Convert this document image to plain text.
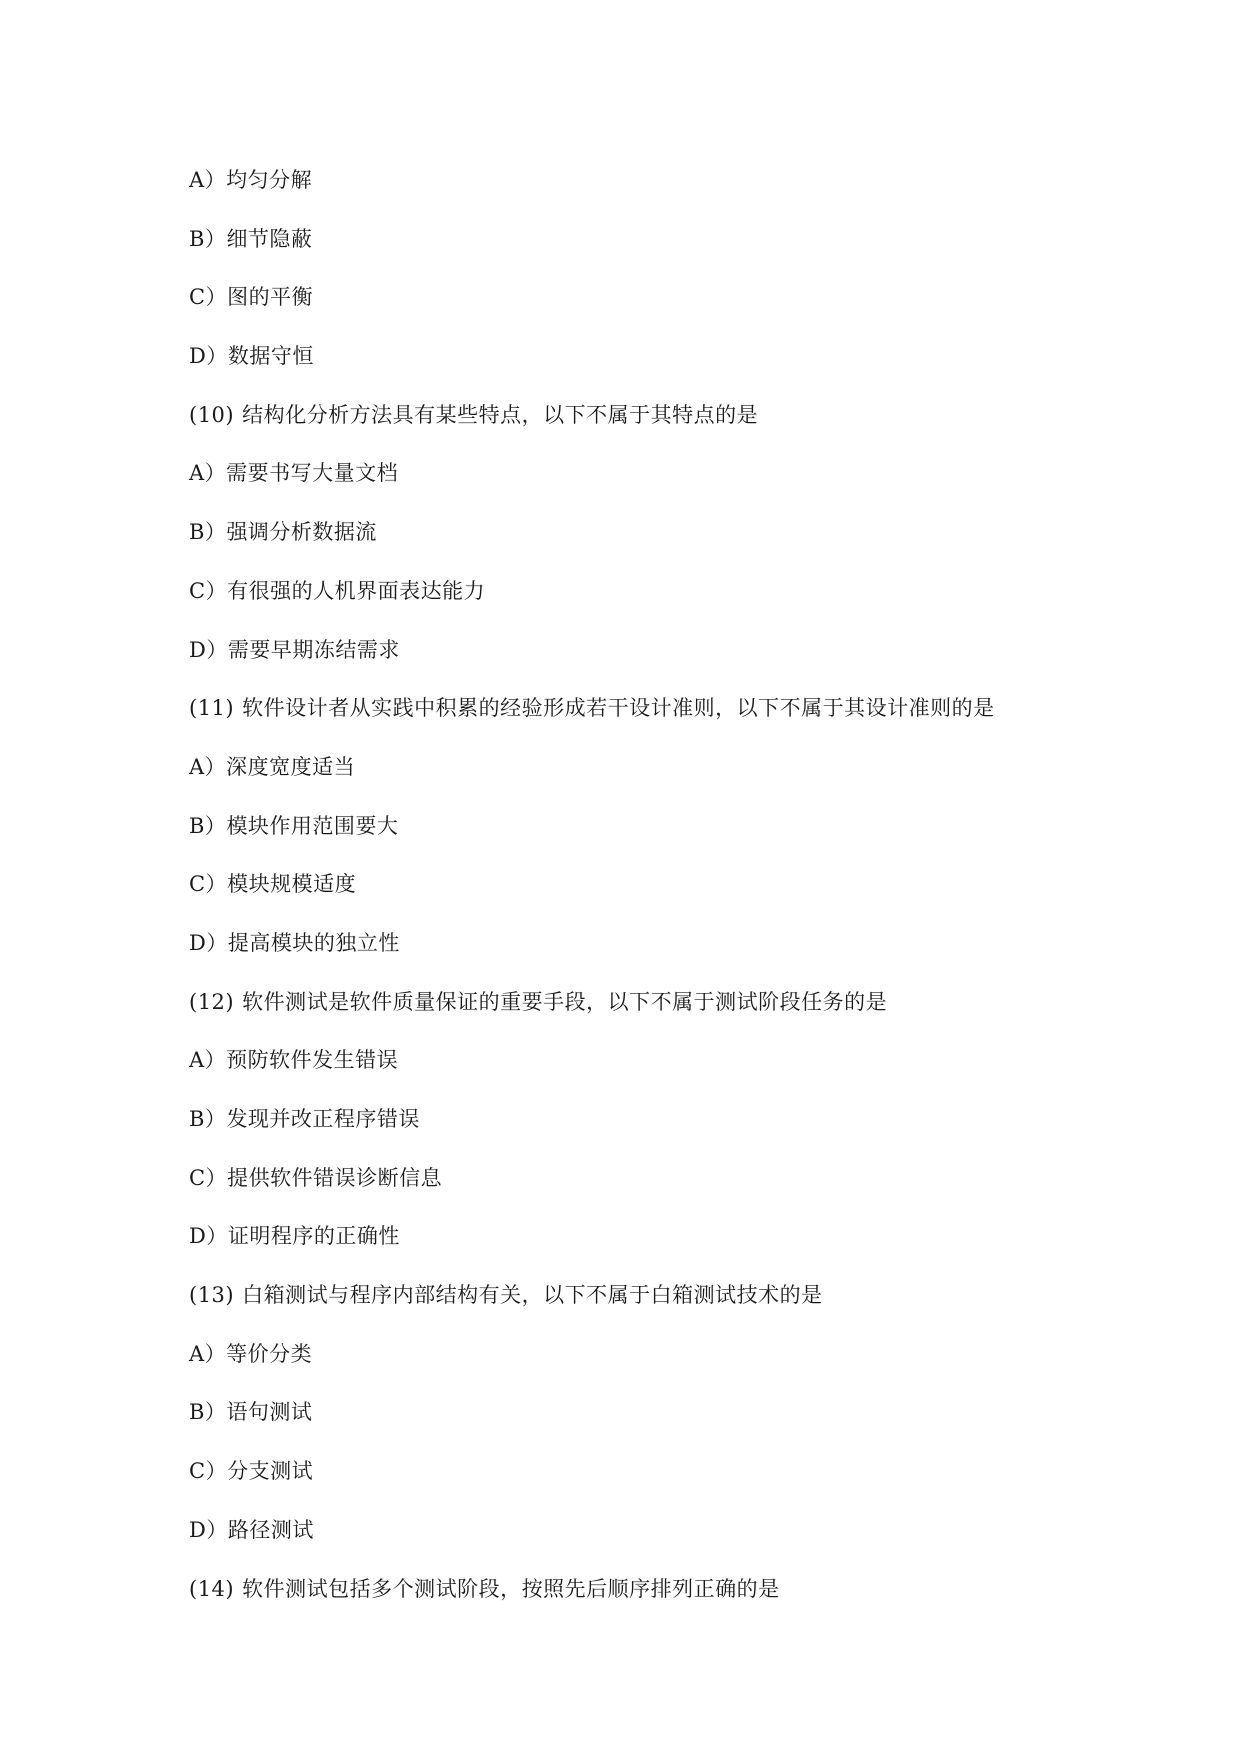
A）均匀分解
B）细节隐蔽
C）图的平衡
D）数据守恒
(10) 结构化分析方法具有某些特点，以下不属于其特点的是
A）需要书写大量文档
B）强调分析数据流
C）有很强的人机界面表达能力
D）需要早期冻结需求
(11) 软件设计者从实践中积累的经验形成若干设计准则，以下不属于其设计准则的是
A）深度宽度适当
B）模块作用范围要大
C）模块规模适度
D）提高模块的独立性
(12) 软件测试是软件质量保证的重要手段，以下不属于测试阶段任务的是
A）预防软件发生错误
B）发现并改正程序错误
C）提供软件错误诊断信息
D）证明程序的正确性
(13) 白箱测试与程序内部结构有关，以下不属于白箱测试技术的是
A）等价分类
B）语句测试
C）分支测试
D）路径测试
(14) 软件测试包括多个测试阶段，按照先后顺序排列正确的是
